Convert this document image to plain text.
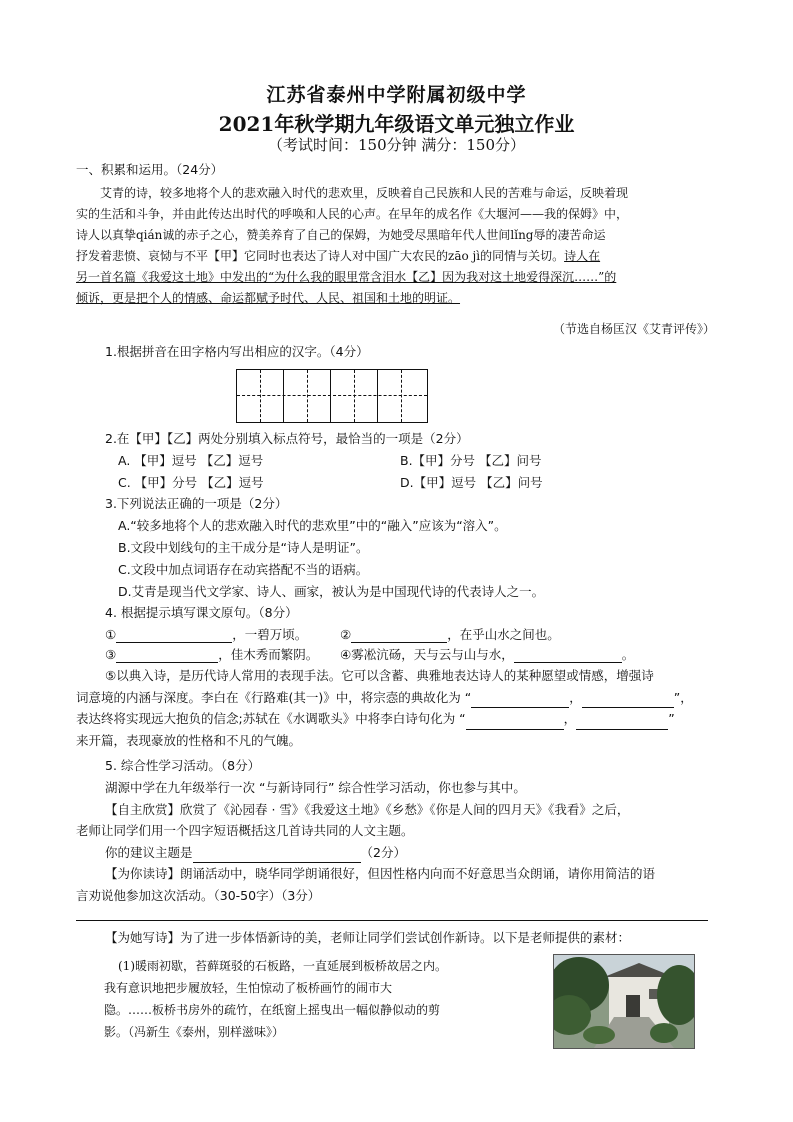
江苏省泰州中学附属初级中学
2021年秋学期九年级语文单元独立作业
（考试时间：150分钟 满分：150分）
一、积累和运用。（24分）
艾青的诗，较多地将个人的悲欢融入时代的悲欢里，反映着自己民族和人民的苦难与命运，反映着现
实的生活和斗争，并由此传达出时代的呼唤和人民的心声。在早年的成名作《大堰河——我的保姆》中，
诗人以真挚qián诚的赤子之心，赞美养育了自己的保姆，为她受尽黑暗年代人世间lǐng辱的凄苦命运
抒发着悲愤、哀恸与不平【甲】它同时也表达了诗人对中国广大农民的zāo jì的同情与关切。诗人在
另一首名篇《我爱这土地》中发出的“为什么我的眼里常含泪水【乙】因为我对这土地爱得深沉……”的
倾诉，更是把个人的情感、命运都赋予时代、人民、祖国和土地的明证。
（节选自杨匡汉《艾青评传》）
1.根据拼音在田字格内写出相应的汉字。（4分）
2.在【甲】【乙】两处分别填入标点符号，最恰当的一项是（2分）
A. 【甲】逗号 【乙】逗号	B.【甲】分号 【乙】问号
C. 【甲】分号 【乙】逗号	D.【甲】逗号 【乙】问号
3.下列说法正确的一项是（2分）
A.“较多地将个人的悲欢融入时代的悲欢里”中的“融入”应该为“溶入”。
B.文段中划线句的主干成分是“诗人是明证”。
C.文段中加点词语存在动宾搭配不当的语病。
D.艾青是现当代文学家、诗人、画家，被认为是中国现代诗的代表诗人之一。
4. 根据提示填写课文原句。（8分）
①	，一碧万顷。	②	，在乎山水之间也。
③	，佳木秀而繁阴。 ④雾凇沆砀，天与云与山与水，	。
⑤以典入诗，是历代诗人常用的表现手法。它可以含蓄、典雅地表达诗人的某种愿望或情感，增强诗
词意境的内涵与深度。李白在《行路难(其一)》中，将宗悫的典故化为 “	，	”，
表达终将实现远大抱负的信念;苏轼在《水调歌头》中将李白诗句化为 “	，	”
来开篇，表现豪放的性格和不凡的气魄。
5. 综合性学习活动。（8分）
湖源中学在九年级举行一次 “与新诗同行” 综合性学习活动，你也参与其中。
【自主欣赏】欣赏了《沁园春 · 雪》《我爱这土地》《乡愁》《你是人间的四月天》《我看》之后，
老师让同学们用一个四字短语概括这几首诗共同的人文主题。
你的建议主题是	（2分）
【为你读诗】朗诵活动中，晓华同学朗诵很好，但因性格内向而不好意思当众朗诵，请你用简洁的语
言劝说他参加这次活动。（30-50字）（3分）
【为她写诗】为了进一步体悟新诗的美，老师让同学们尝试创作新诗。以下是老师提供的素材：
(1)暖雨初歇，苔藓斑驳的石板路，一直延展到板桥故居之内。
我有意识地把步履放轻，生怕惊动了板桥画竹的闹市大
隐。……板桥书房外的疏竹，在纸窗上摇曳出一幅似静似动的剪
影。（冯新生《泰州，别样滋味》）
